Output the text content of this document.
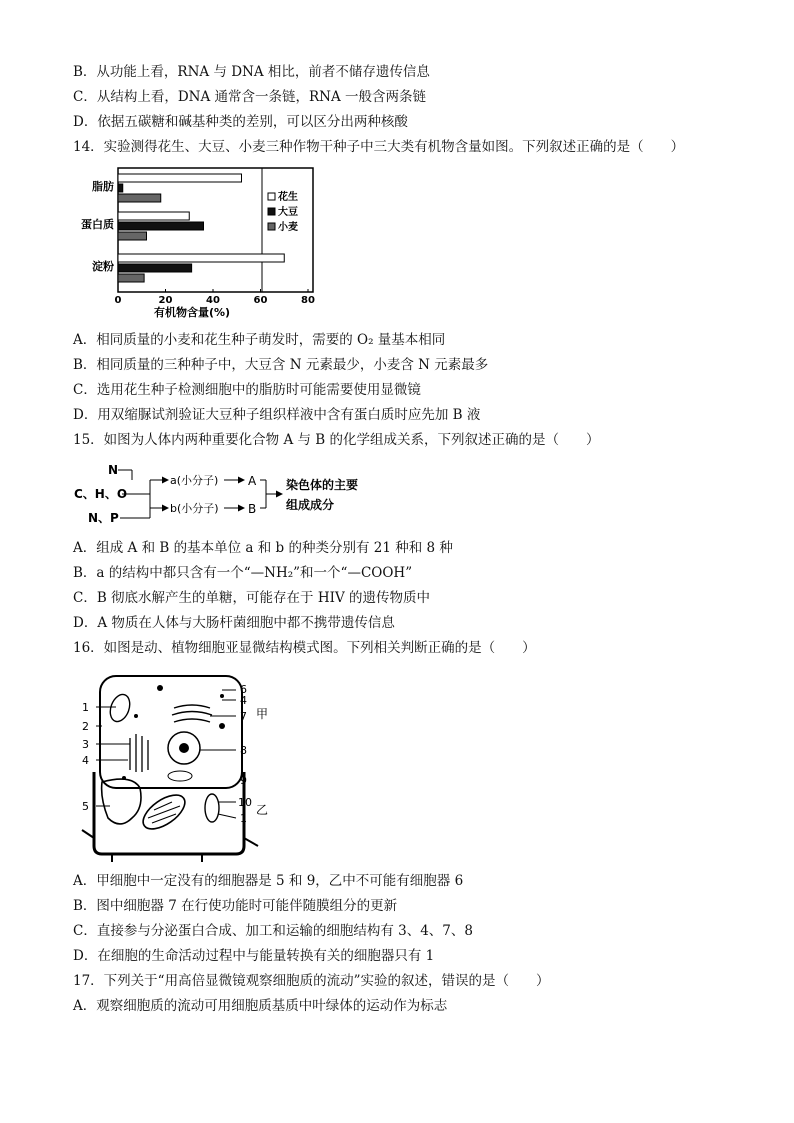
B．从功能上看，RNA 与 DNA 相比，前者不储存遗传信息
C．从结构上看，DNA 通常含一条链，RNA 一般含两条链
D．依据五碳糖和碱基种类的差别，可以区分出两种核酸
14．实验测得花生、大豆、小麦三种作物干种子中三大类有机物含量如图。下列叙述正确的是（　　）
脂肪
蛋白质
淀粉
0	20	40	60	80
花生
大豆
小麦
有机物含量(%)
A．相同质量的小麦和花生种子萌发时，需要的 O₂ 量基本相同
B．相同质量的三种种子中，大豆含 N 元素最少，小麦含 N 元素最多
C．选用花生种子检测细胞中的脂肪时可能需要使用显微镜
D．用双缩脲试剂验证大豆种子组织样液中含有蛋白质时应先加 B 液
15．如图为人体内两种重要化合物 A 与 B 的化学组成关系，下列叙述正确的是（　　）
N
C、H、O
N、P
a(小分子)
b(小分子)
A
B
染色体的主要
组成成分
A．组成 A 和 B 的基本单位 a 和 b 的种类分别有 21 种和 8 种
B．a 的结构中都只含有一个“—NH₂”和一个“—COOH”
C．B 彻底水解产生的单糖，可能存在于 HIV 的遗传物质中
D．A 物质在人体与大肠杆菌细胞中都不携带遗传信息
16．如图是动、植物细胞亚显微结构模式图。下列相关判断正确的是（　　）
1
2
3
4
5
6
4
7
8
9
10
1
甲
乙
A．甲细胞中一定没有的细胞器是 5 和 9，乙中不可能有细胞器 6
B．图中细胞器 7 在行使功能时可能伴随膜组分的更新
C．直接参与分泌蛋白合成、加工和运输的细胞结构有 3、4、7、8
D．在细胞的生命活动过程中与能量转换有关的细胞器只有 1
17．下列关于“用高倍显微镜观察细胞质的流动”实验的叙述，错误的是（　　）
A．观察细胞质的流动可用细胞质基质中叶绿体的运动作为标志
